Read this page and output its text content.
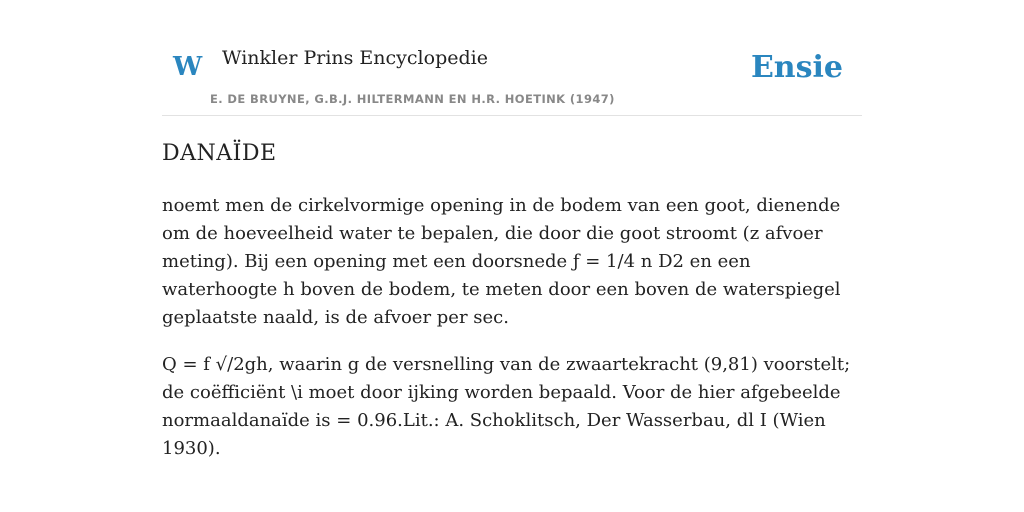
W Winkler Prins Encyclopedie
E. DE BRUYNE, G.B.J. HILTERMANN EN H.R. HOETINK (1947)
Ensie
DANAÏDE

noemt men de cirkelvormige opening in de bodem van een goot, dienende om de hoeveelheid water te bepalen, die door die goot stroomt (z afvoer meting). Bij een opening met een doorsnede ƒ = 1/4 n D2 en een waterhoogte h boven de bodem, te meten door een boven de waterspiegel geplaatste naald, is de afvoer per sec.

Q = f √/2gh, waarin g de versnelling van de zwaartekracht (9,81) voorstelt; de coëfficiënt \i moet door ijking worden bepaald. Voor de hier afgebeelde normaaldanaïde is = 0.96.Lit.: A. Schoklitsch, Der Wasserbau, dl I (Wien 1930).
